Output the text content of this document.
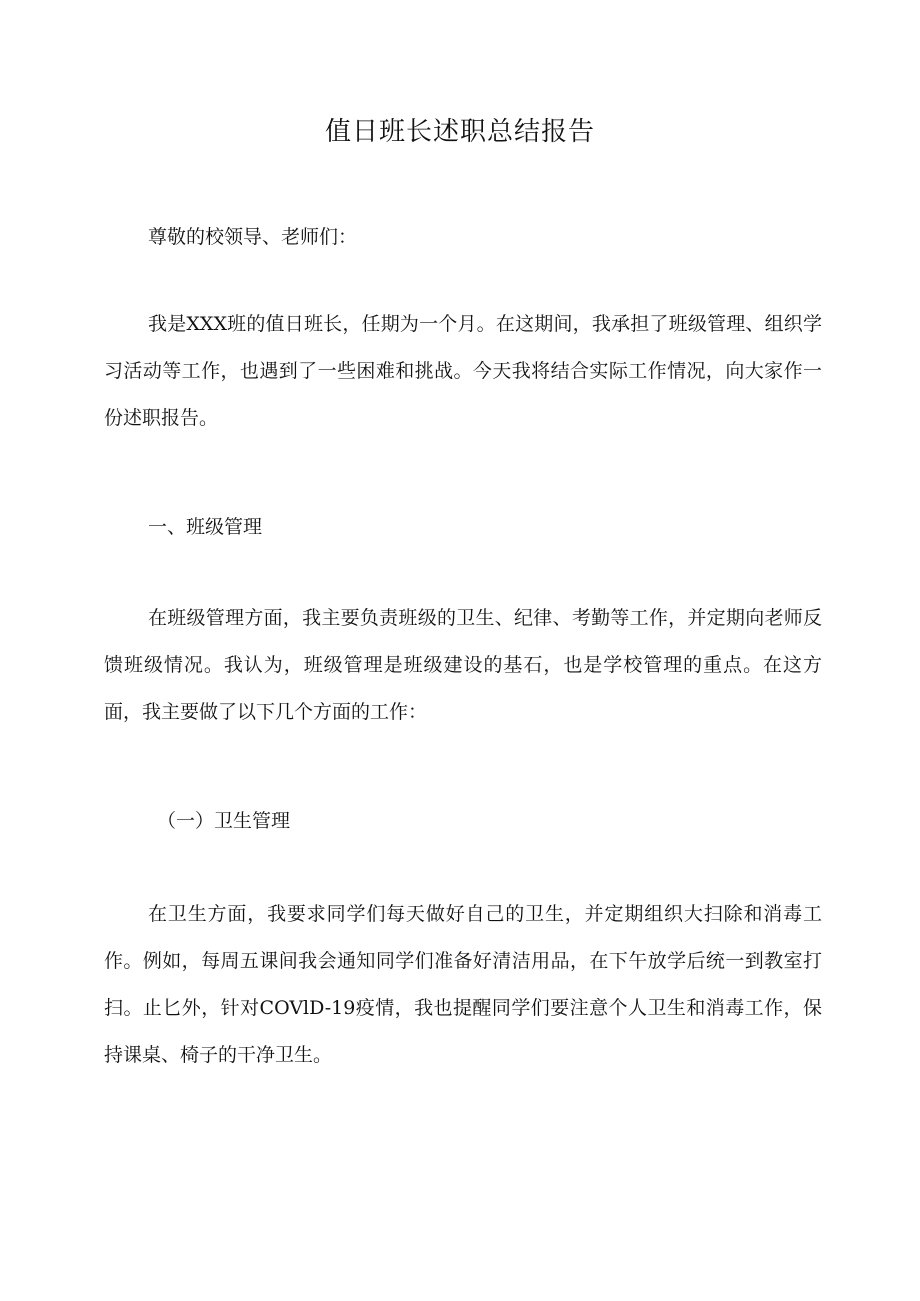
值日班长述职总结报告

尊敬的校领导、老师们：

我是XXX班的值日班长，任期为一个月。在这期间，我承担了班级管理、组织学习活动等工作，也遇到了一些困难和挑战。今天我将结合实际工作情况，向大家作一份述职报告。

一、班级管理

在班级管理方面，我主要负责班级的卫生、纪律、考勤等工作，并定期向老师反馈班级情况。我认为，班级管理是班级建设的基石，也是学校管理的重点。在这方面，我主要做了以下几个方面的工作：

（一）卫生管理

在卫生方面，我要求同学们每天做好自己的卫生，并定期组织大扫除和消毒工作。例如，每周五课间我会通知同学们准备好清洁用品，在下午放学后统一到教室打扫。止匕外，针对COVlD-19疫情，我也提醒同学们要注意个人卫生和消毒工作，保持课桌、椅子的干净卫生。
